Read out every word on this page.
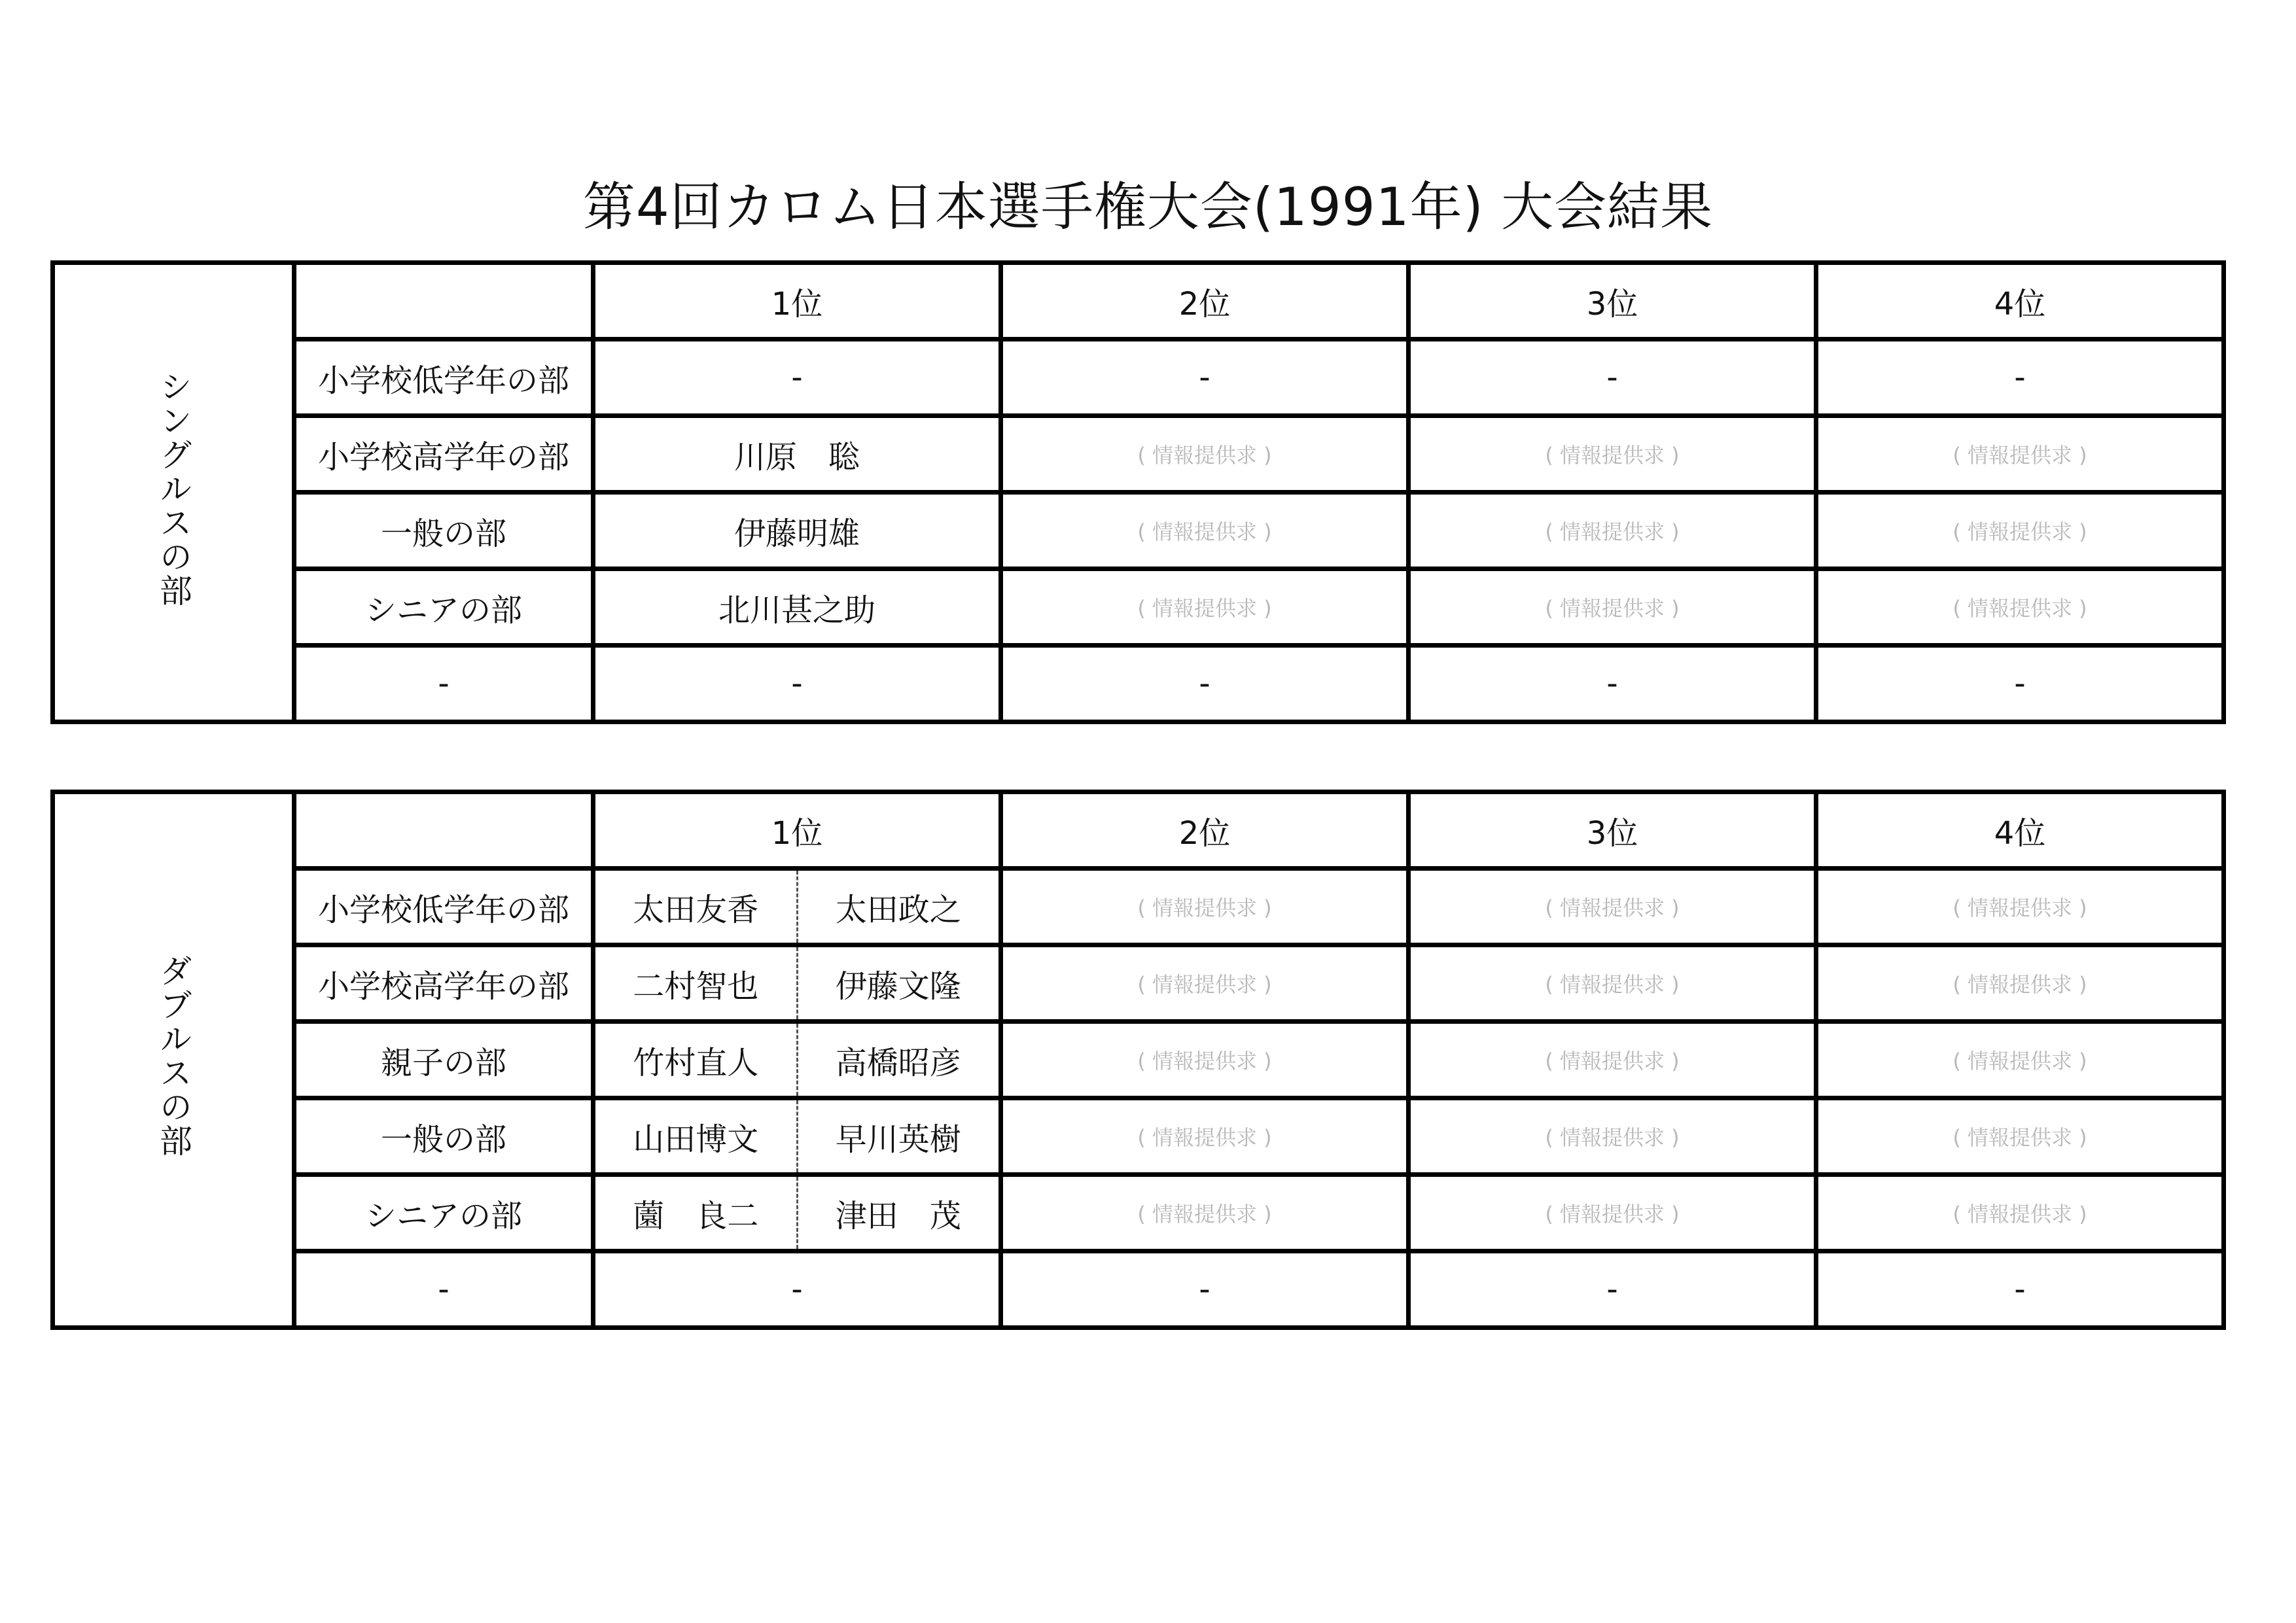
第4回カロム日本選手権大会(1991年) 大会結果
シングルスの部		1位	2位	3位	4位
	小学校低学年の部	-	-	-	-
	小学校高学年の部	川原　聡	( 情報提供求 )	( 情報提供求 )	( 情報提供求 )
	一般の部	伊藤明雄	( 情報提供求 )	( 情報提供求 )	( 情報提供求 )
	シニアの部	北川甚之助	( 情報提供求 )	( 情報提供求 )	( 情報提供求 )
	-	-	-	-	-
ダブルスの部		1位	2位	3位	4位
	小学校低学年の部	太田友香 太田政之	( 情報提供求 )	( 情報提供求 )	( 情報提供求 )
	小学校高学年の部	二村智也 伊藤文隆	( 情報提供求 )	( 情報提供求 )	( 情報提供求 )
	親子の部	竹村直人 高橋昭彦	( 情報提供求 )	( 情報提供求 )	( 情報提供求 )
	一般の部	山田博文 早川英樹	( 情報提供求 )	( 情報提供求 )	( 情報提供求 )
	シニアの部	薗　良二 津田　茂	( 情報提供求 )	( 情報提供求 )	( 情報提供求 )
	-	-	-	-	-
